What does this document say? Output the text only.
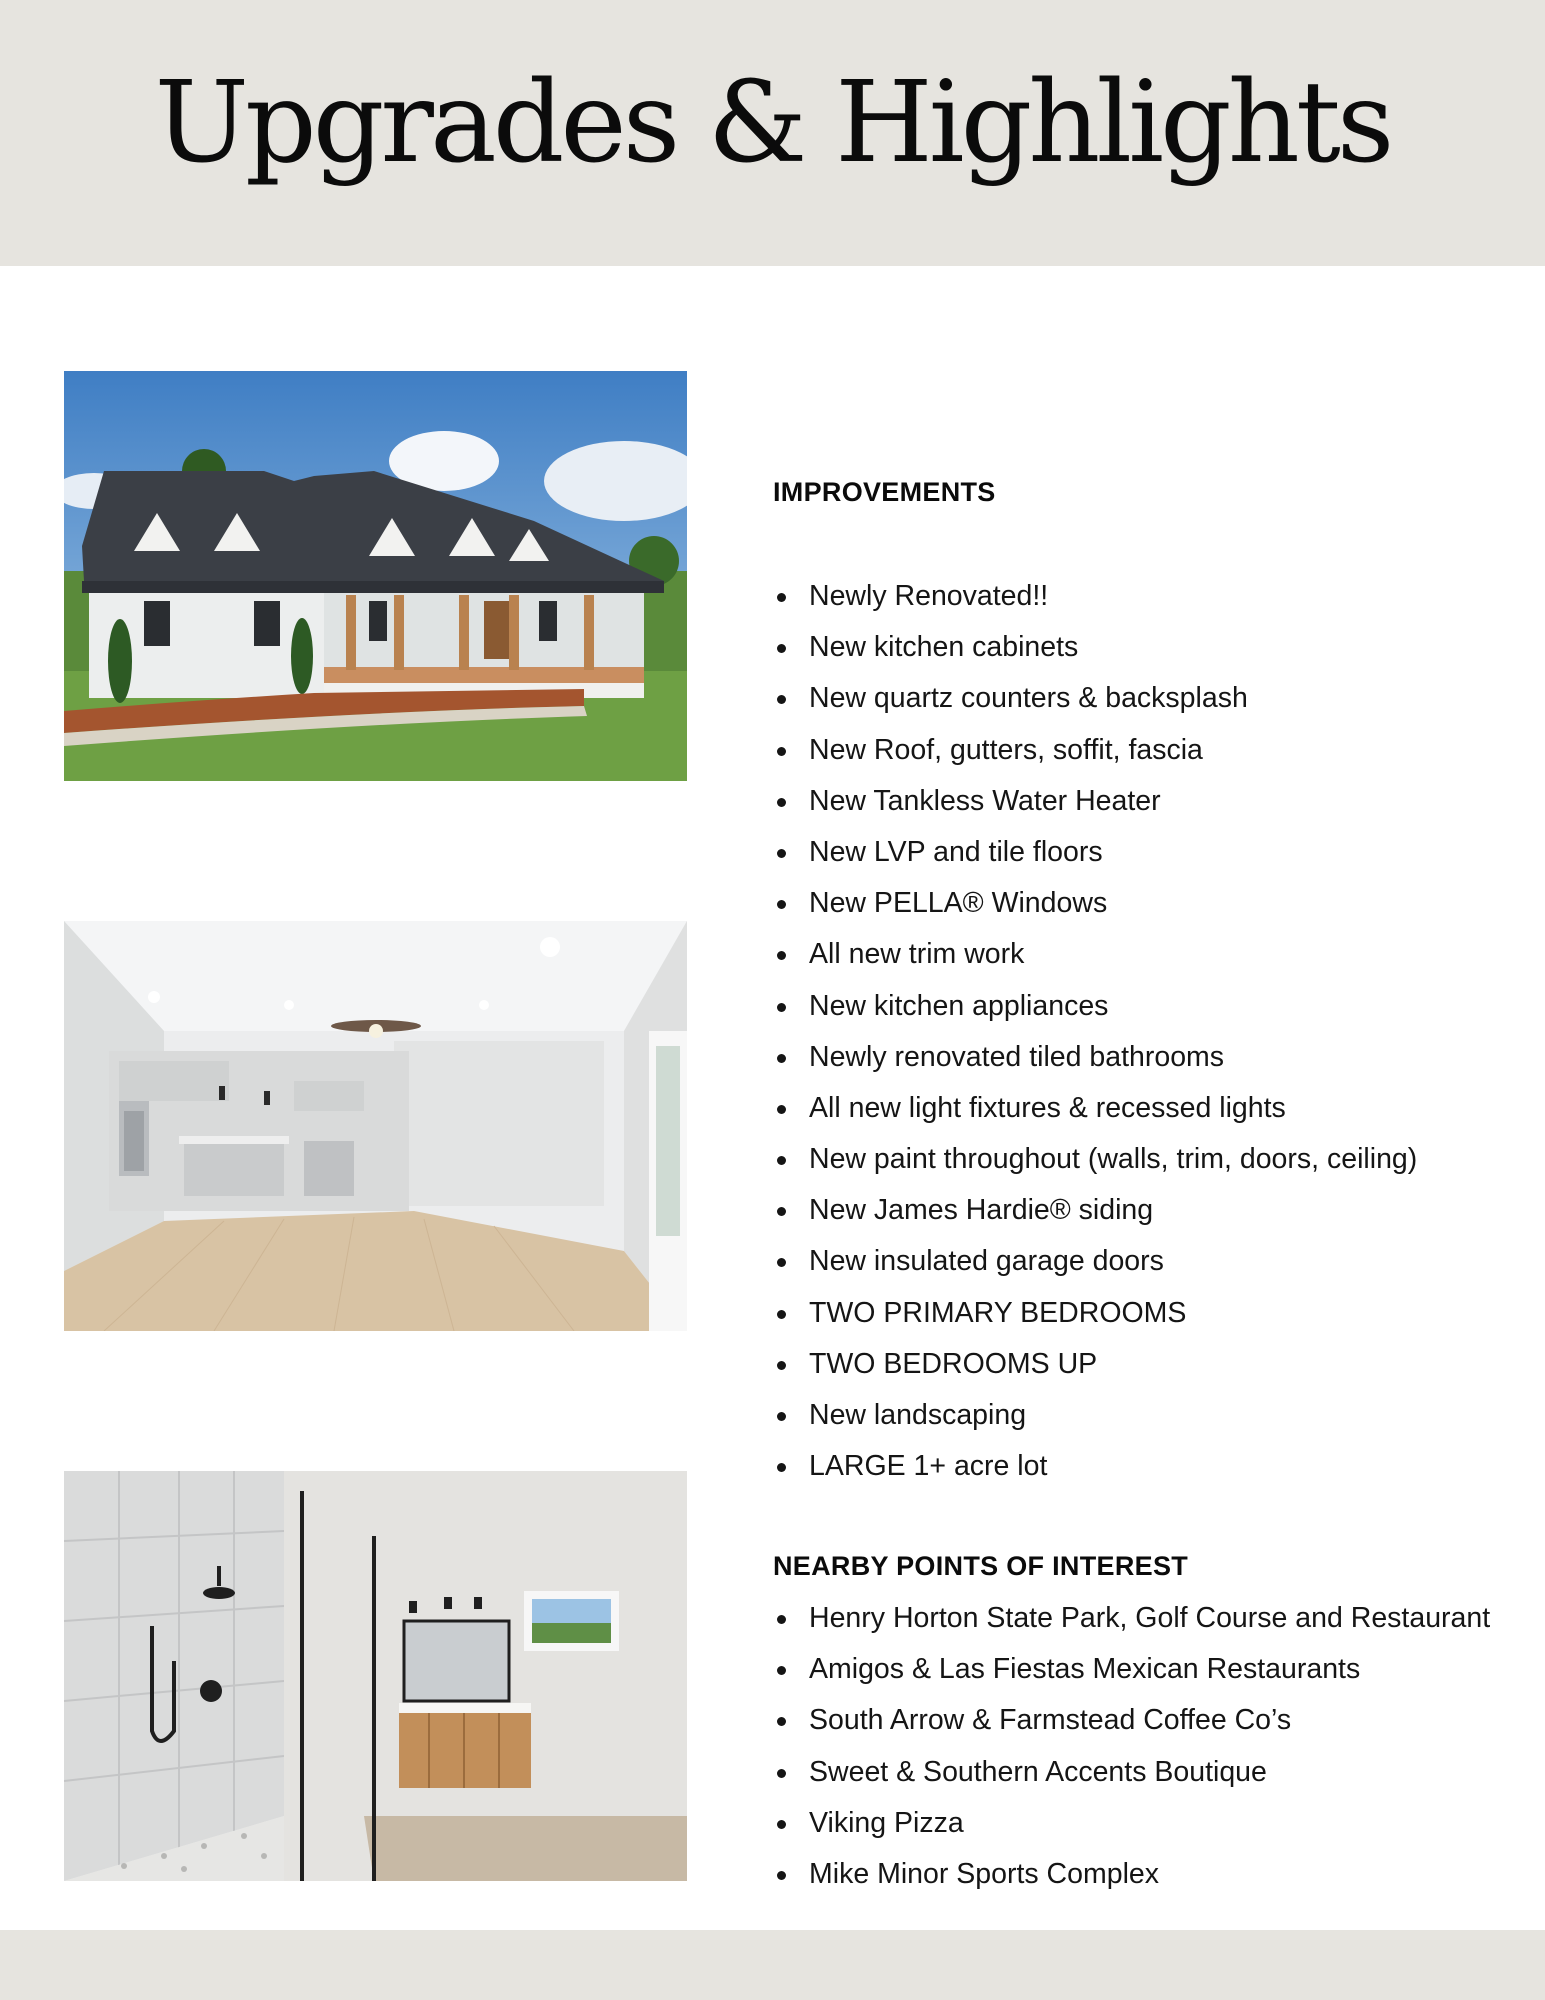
Upgrades & Highlights
IMPROVEMENTS
Newly Renovated!!
New kitchen cabinets
New quartz counters & backsplash
New Roof, gutters, soffit, fascia
New Tankless Water Heater
New LVP and tile floors
New PELLA® Windows
All new trim work
New kitchen appliances
Newly renovated tiled bathrooms
All new light fixtures & recessed lights
New paint throughout (walls, trim, doors, ceiling)
New James Hardie® siding
New insulated garage doors
TWO PRIMARY BEDROOMS
TWO BEDROOMS UP
New landscaping
LARGE 1+ acre lot
NEARBY POINTS OF INTEREST
Henry Horton State Park, Golf Course and Restaurant
Amigos & Las Fiestas Mexican Restaurants
South Arrow & Farmstead Coffee Co’s
Sweet & Southern Accents Boutique
Viking Pizza
Mike Minor Sports Complex
